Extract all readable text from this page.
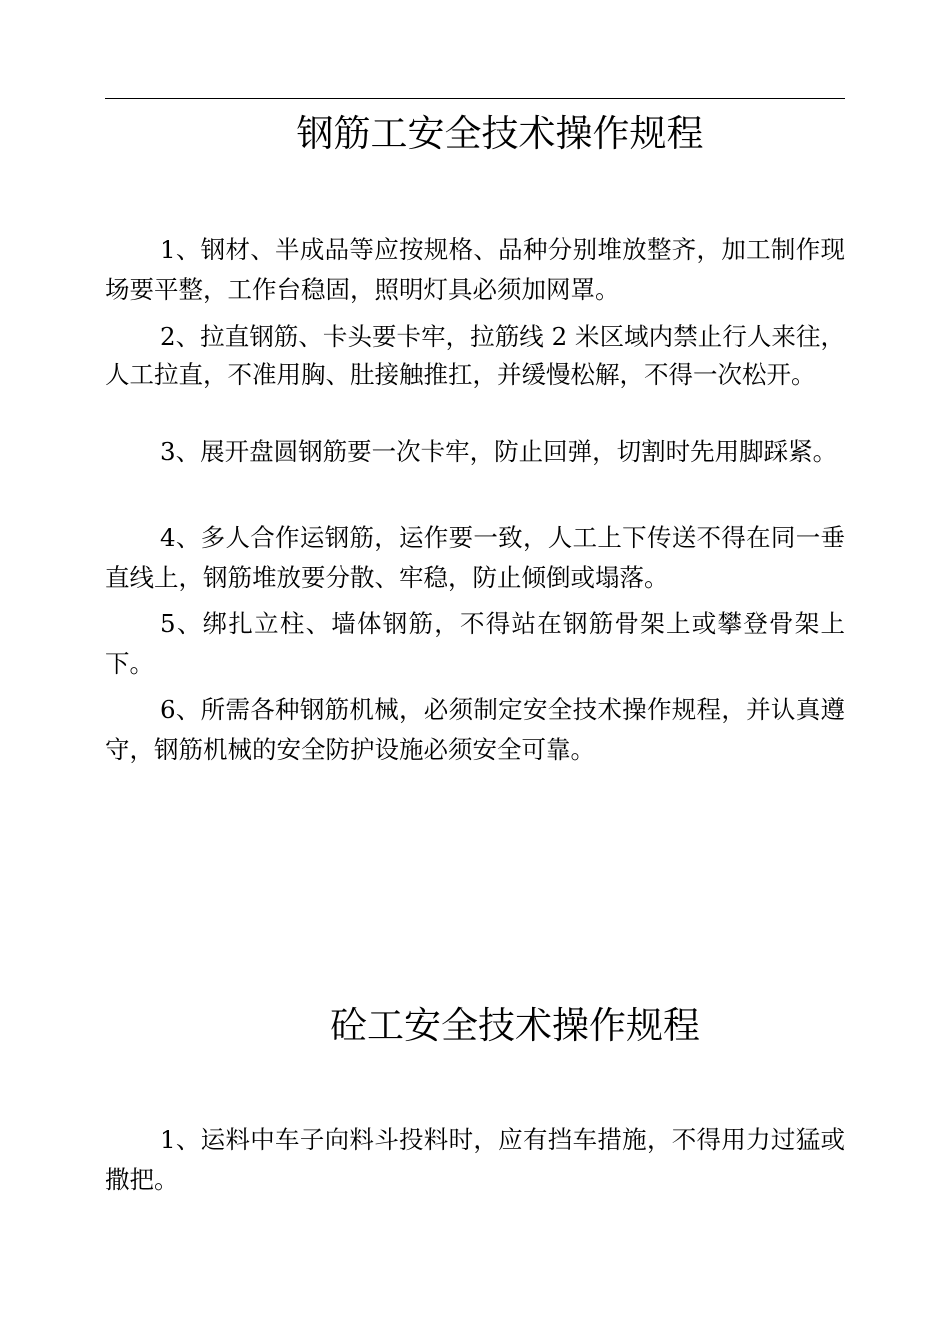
钢筋工安全技术操作规程

1、钢材、半成品等应按规格、品种分别堆放整齐，加工制作现场要平整，工作台稳固，照明灯具必须加网罩。

2、拉直钢筋、卡头要卡牢，拉筋线 2 米区域内禁止行人来往，人工拉直，不准用胸、肚接触推扛，并缓慢松解，不得一次松开。

3、展开盘圆钢筋要一次卡牢，防止回弹，切割时先用脚踩紧。

4、多人合作运钢筋，运作要一致，人工上下传送不得在同一垂直线上，钢筋堆放要分散、牢稳，防止倾倒或塌落。

5、绑扎立柱、墙体钢筋，不得站在钢筋骨架上或攀登骨架上下。

6、所需各种钢筋机械，必须制定安全技术操作规程，并认真遵守，钢筋机械的安全防护设施必须安全可靠。

砼工安全技术操作规程

1、运料中车子向料斗投料时，应有挡车措施，不得用力过猛或撒把。
